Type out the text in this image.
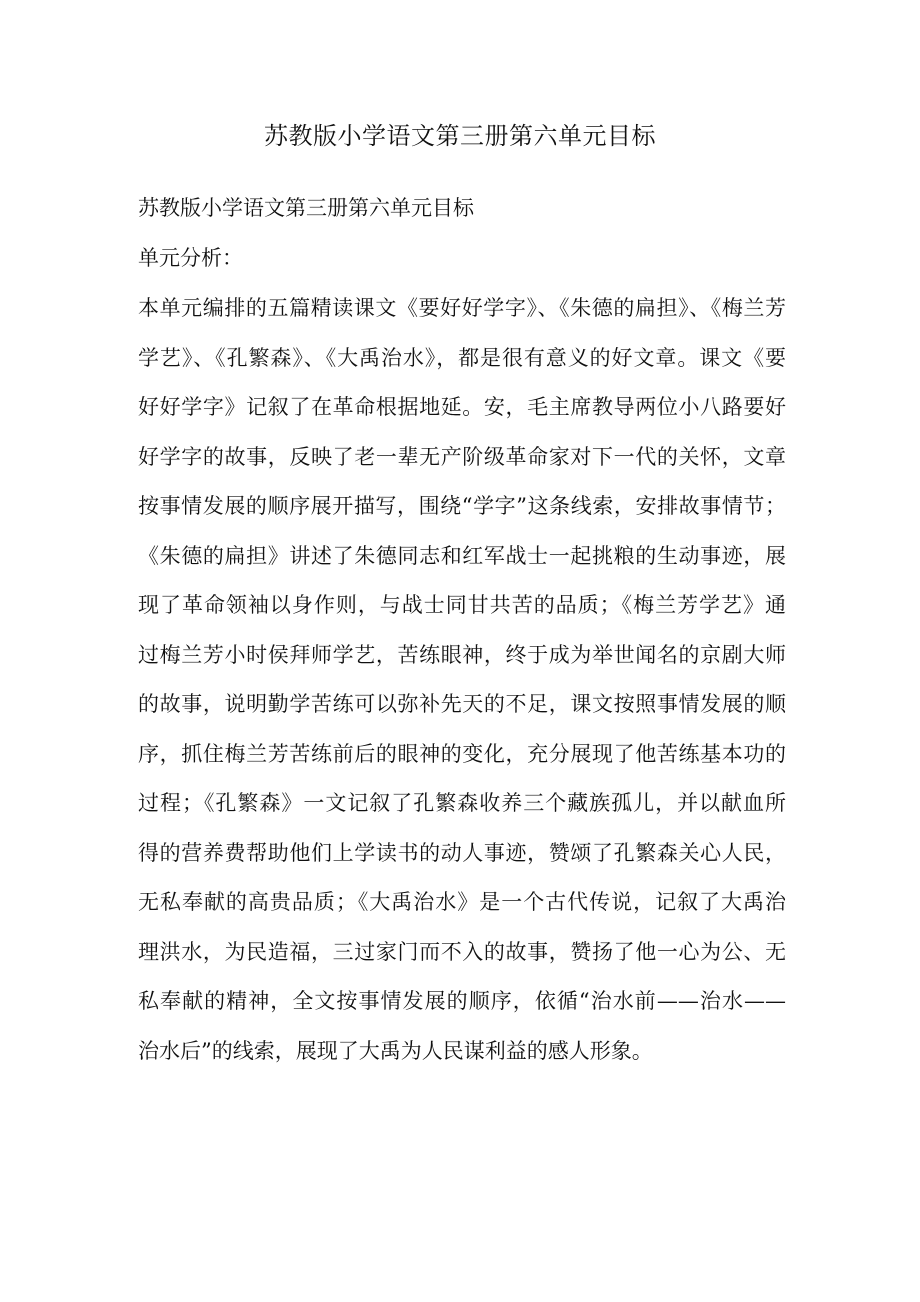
苏教版小学语文第三册第六单元目标

苏教版小学语文第三册第六单元目标

单元分析：

本单元编排的五篇精读课文《要好好学字》、《朱德的扁担》、《梅兰芳
学艺》、《孔繁森》、《大禹治水》，都是很有意义的好文章。课文《要
好好学字》记叙了在革命根据地延。安，毛主席教导两位小八路要好
好学字的故事，反映了老一辈无产阶级革命家对下一代的关怀，文章
按事情发展的顺序展开描写，围绕“学字”这条线索，安排故事情节；
《朱德的扁担》讲述了朱德同志和红军战士一起挑粮的生动事迹，展
现了革命领袖以身作则，与战士同甘共苦的品质；《梅兰芳学艺》通
过梅兰芳小时侯拜师学艺，苦练眼神，终于成为举世闻名的京剧大师
的故事，说明勤学苦练可以弥补先天的不足，课文按照事情发展的顺
序，抓住梅兰芳苦练前后的眼神的变化，充分展现了他苦练基本功的
过程；《孔繁森》一文记叙了孔繁森收养三个藏族孤儿，并以献血所
得的营养费帮助他们上学读书的动人事迹，赞颂了孔繁森关心人民，
无私奉献的高贵品质；《大禹治水》是一个古代传说，记叙了大禹治
理洪水，为民造福，三过家门而不入的故事，赞扬了他一心为公、无
私奉献的精神，全文按事情发展的顺序，依循“治水前——治水——
治水后”的线索，展现了大禹为人民谋利益的感人形象。
